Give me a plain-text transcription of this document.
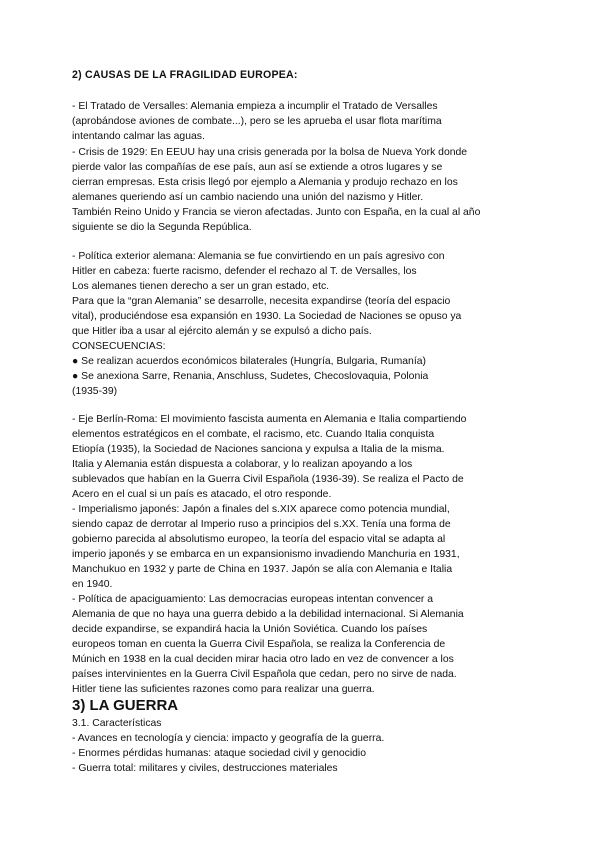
2) CAUSAS DE LA FRAGILIDAD EUROPEA:

- El Tratado de Versalles: Alemania empieza a incumplir el Tratado de Versalles

(aprobándose aviones de combate...), pero se les aprueba el usar flota marítima

intentando calmar las aguas.

- Crisis de 1929: En EEUU hay una crisis generada por la bolsa de Nueva York donde

pierde valor las compañías de ese país, aun así se extiende a otros lugares y se

cierran empresas. Esta crisis llegó por ejemplo a Alemania y produjo rechazo en los

alemanes queriendo así un cambio naciendo una unión del nazismo y Hitler.

También Reino Unido y Francia se vieron afectadas. Junto con España, en la cual al año

siguiente se dio la Segunda República.

- Política exterior alemana: Alemania se fue convirtiendo en un país agresivo con

Hitler en cabeza: fuerte racismo, defender el rechazo al T. de Versalles, los

Los alemanes tienen derecho a ser un gran estado, etc.

Para que la “gran Alemania” se desarrolle, necesita expandirse (teoría del espacio

vital), produciéndose esa expansión en 1930. La Sociedad de Naciones se opuso ya

que Hitler iba a usar al ejército alemán y se expulsó a dicho país.

CONSECUENCIAS:

● Se realizan acuerdos económicos bilaterales (Hungría, Bulgaria, Rumanía)

● Se anexiona Sarre, Renania, Anschluss, Sudetes, Checoslovaquia, Polonia

(1935-39)

- Eje Berlín-Roma: El movimiento fascista aumenta en Alemania e Italia compartiendo

elementos estratégicos en el combate, el racismo, etc. Cuando Italia conquista

Etiopía (1935), la Sociedad de Naciones sanciona y expulsa a Italia de la misma.

Italia y Alemania están dispuesta a colaborar, y lo realizan apoyando a los

sublevados que habían en la Guerra Civil Española (1936-39). Se realiza el Pacto de

Acero en el cual si un país es atacado, el otro responde.

- Imperialismo japonés: Japón a finales del s.XIX aparece como potencia mundial,

siendo capaz de derrotar al Imperio ruso a principios del s.XX. Tenía una forma de

gobierno parecida al absolutismo europeo, la teoría del espacio vital se adapta al

imperio japonés y se embarca en un expansionismo invadiendo Manchuria en 1931,

Manchukuo en 1932 y parte de China en 1937. Japón se alía con Alemania e Italia

en 1940.

- Política de apaciguamiento: Las democracias europeas intentan convencer a

Alemania de que no haya una guerra debido a la debilidad internacional. Si Alemania

decide expandirse, se expandirá hacia la Unión Soviética. Cuando los países

europeos toman en cuenta la Guerra Civil Española, se realiza la Conferencia de

Múnich en 1938 en la cual deciden mirar hacia otro lado en vez de convencer a los

países intervinientes en la Guerra Civil Española que cedan, pero no sirve de nada.

Hitler tiene las suficientes razones como para realizar una guerra.

3) LA GUERRA

3.1. Características

- Avances en tecnología y ciencia: impacto y geografía de la guerra.

- Enormes pérdidas humanas: ataque sociedad civil y genocidio

- Guerra total: militares y civiles, destrucciones materiales
